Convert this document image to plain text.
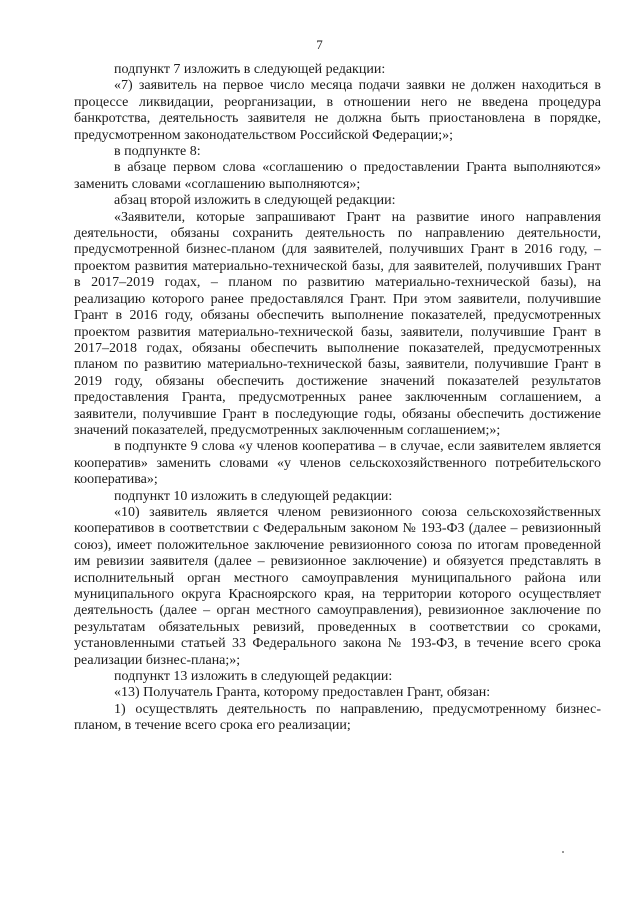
7

подпункт 7 изложить в следующей редакции:

«7) заявитель на первое число месяца подачи заявки не должен находиться в процессе ликвидации, реорганизации, в отношении него не введена процедура банкротства, деятельность заявителя не должна быть приостановлена в порядке, предусмотренном законодательством Российской Федерации;»;

в подпункте 8:

в абзаце первом слова «соглашению о предоставлении Гранта выполняются» заменить словами «соглашению выполняются»;

абзац второй изложить в следующей редакции:

«Заявители, которые запрашивают Грант на развитие иного направления деятельности, обязаны сохранить деятельность по направлению деятельности, предусмотренной бизнес-планом (для заявителей, получивших Грант в 2016 году, – проектом развития материально-технической базы, для заявителей, получивших Грант в 2017–2019 годах, – планом по развитию материально-технической базы), на реализацию которого ранее предоставлялся Грант. При этом заявители, получившие Грант в 2016 году, обязаны обеспечить выполнение показателей, предусмотренных проектом развития материально-технической базы, заявители, получившие Грант в 2017–2018 годах, обязаны обеспечить выполнение показателей, предусмотренных планом по развитию материально-технической базы, заявители, получившие Грант в 2019 году, обязаны обеспечить достижение значений показателей результатов предоставления Гранта, предусмотренных ранее заключенным соглашением, а заявители, получившие Грант в последующие годы, обязаны обеспечить достижение значений показателей, предусмотренных заключенным соглашением;»;

в подпункте 9 слова «у членов кооператива – в случае, если заявителем является кооператив» заменить словами «у членов сельскохозяйственного потребительского кооператива»;

подпункт 10 изложить в следующей редакции:

«10) заявитель является членом ревизионного союза сельскохозяйственных кооперативов в соответствии с Федеральным законом № 193-ФЗ (далее – ревизионный союз), имеет положительное заключение ревизионного союза по итогам проведенной им ревизии заявителя (далее – ревизионное заключение) и обязуется представлять в исполнительный орган местного самоуправления муниципального района или муниципального округа Красноярского края, на территории которого осуществляет деятельность (далее – орган местного самоуправления), ревизионное заключение по результатам обязательных ревизий, проведенных в соответствии со сроками, установленными статьей 33 Федерального закона № 193-ФЗ, в течение всего срока реализации бизнес-плана;»;

подпункт 13 изложить в следующей редакции:

«13) Получатель Гранта, которому предоставлен Грант, обязан:

1) осуществлять деятельность по направлению, предусмотренному бизнес-планом, в течение всего срока его реализации;
